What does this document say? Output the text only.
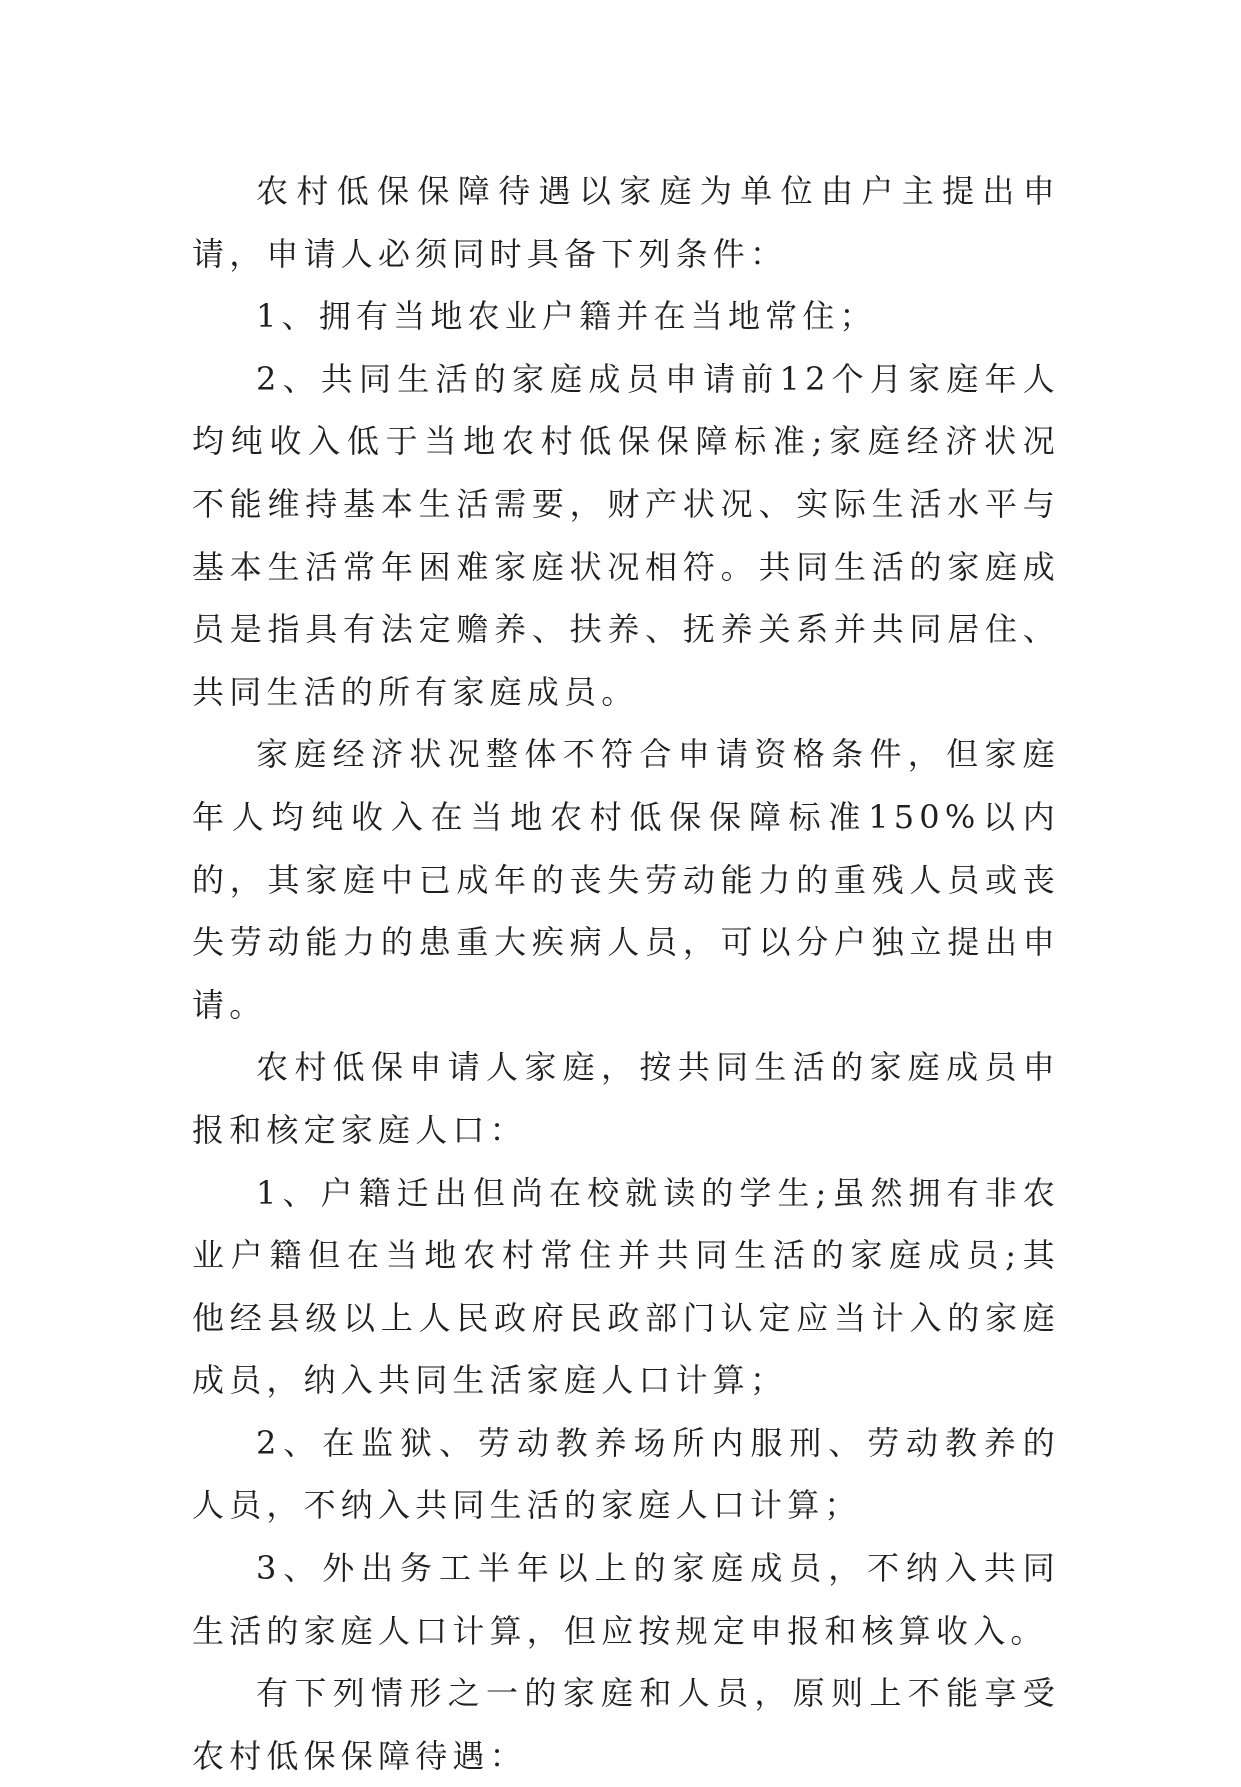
农村低保保障待遇以家庭为单位由户主提出申请，申请人必须同时具备下列条件：

1、拥有当地农业户籍并在当地常住；

2、共同生活的家庭成员申请前12个月家庭年人均纯收入低于当地农村低保保障标准;家庭经济状况不能维持基本生活需要，财产状况、实际生活水平与基本生活常年困难家庭状况相符。共同生活的家庭成员是指具有法定赡养、扶养、抚养关系并共同居住、共同生活的所有家庭成员。

家庭经济状况整体不符合申请资格条件，但家庭年人均纯收入在当地农村低保保障标准150%以内的，其家庭中已成年的丧失劳动能力的重残人员或丧失劳动能力的患重大疾病人员，可以分户独立提出申请。

农村低保申请人家庭，按共同生活的家庭成员申报和核定家庭人口：

1、户籍迁出但尚在校就读的学生;虽然拥有非农业户籍但在当地农村常住并共同生活的家庭成员;其他经县级以上人民政府民政部门认定应当计入的家庭成员，纳入共同生活家庭人口计算；

2、在监狱、劳动教养场所内服刑、劳动教养的人员，不纳入共同生活的家庭人口计算；

3、外出务工半年以上的家庭成员，不纳入共同生活的家庭人口计算，但应按规定申报和核算收入。

有下列情形之一的家庭和人员，原则上不能享受农村低保保障待遇：
